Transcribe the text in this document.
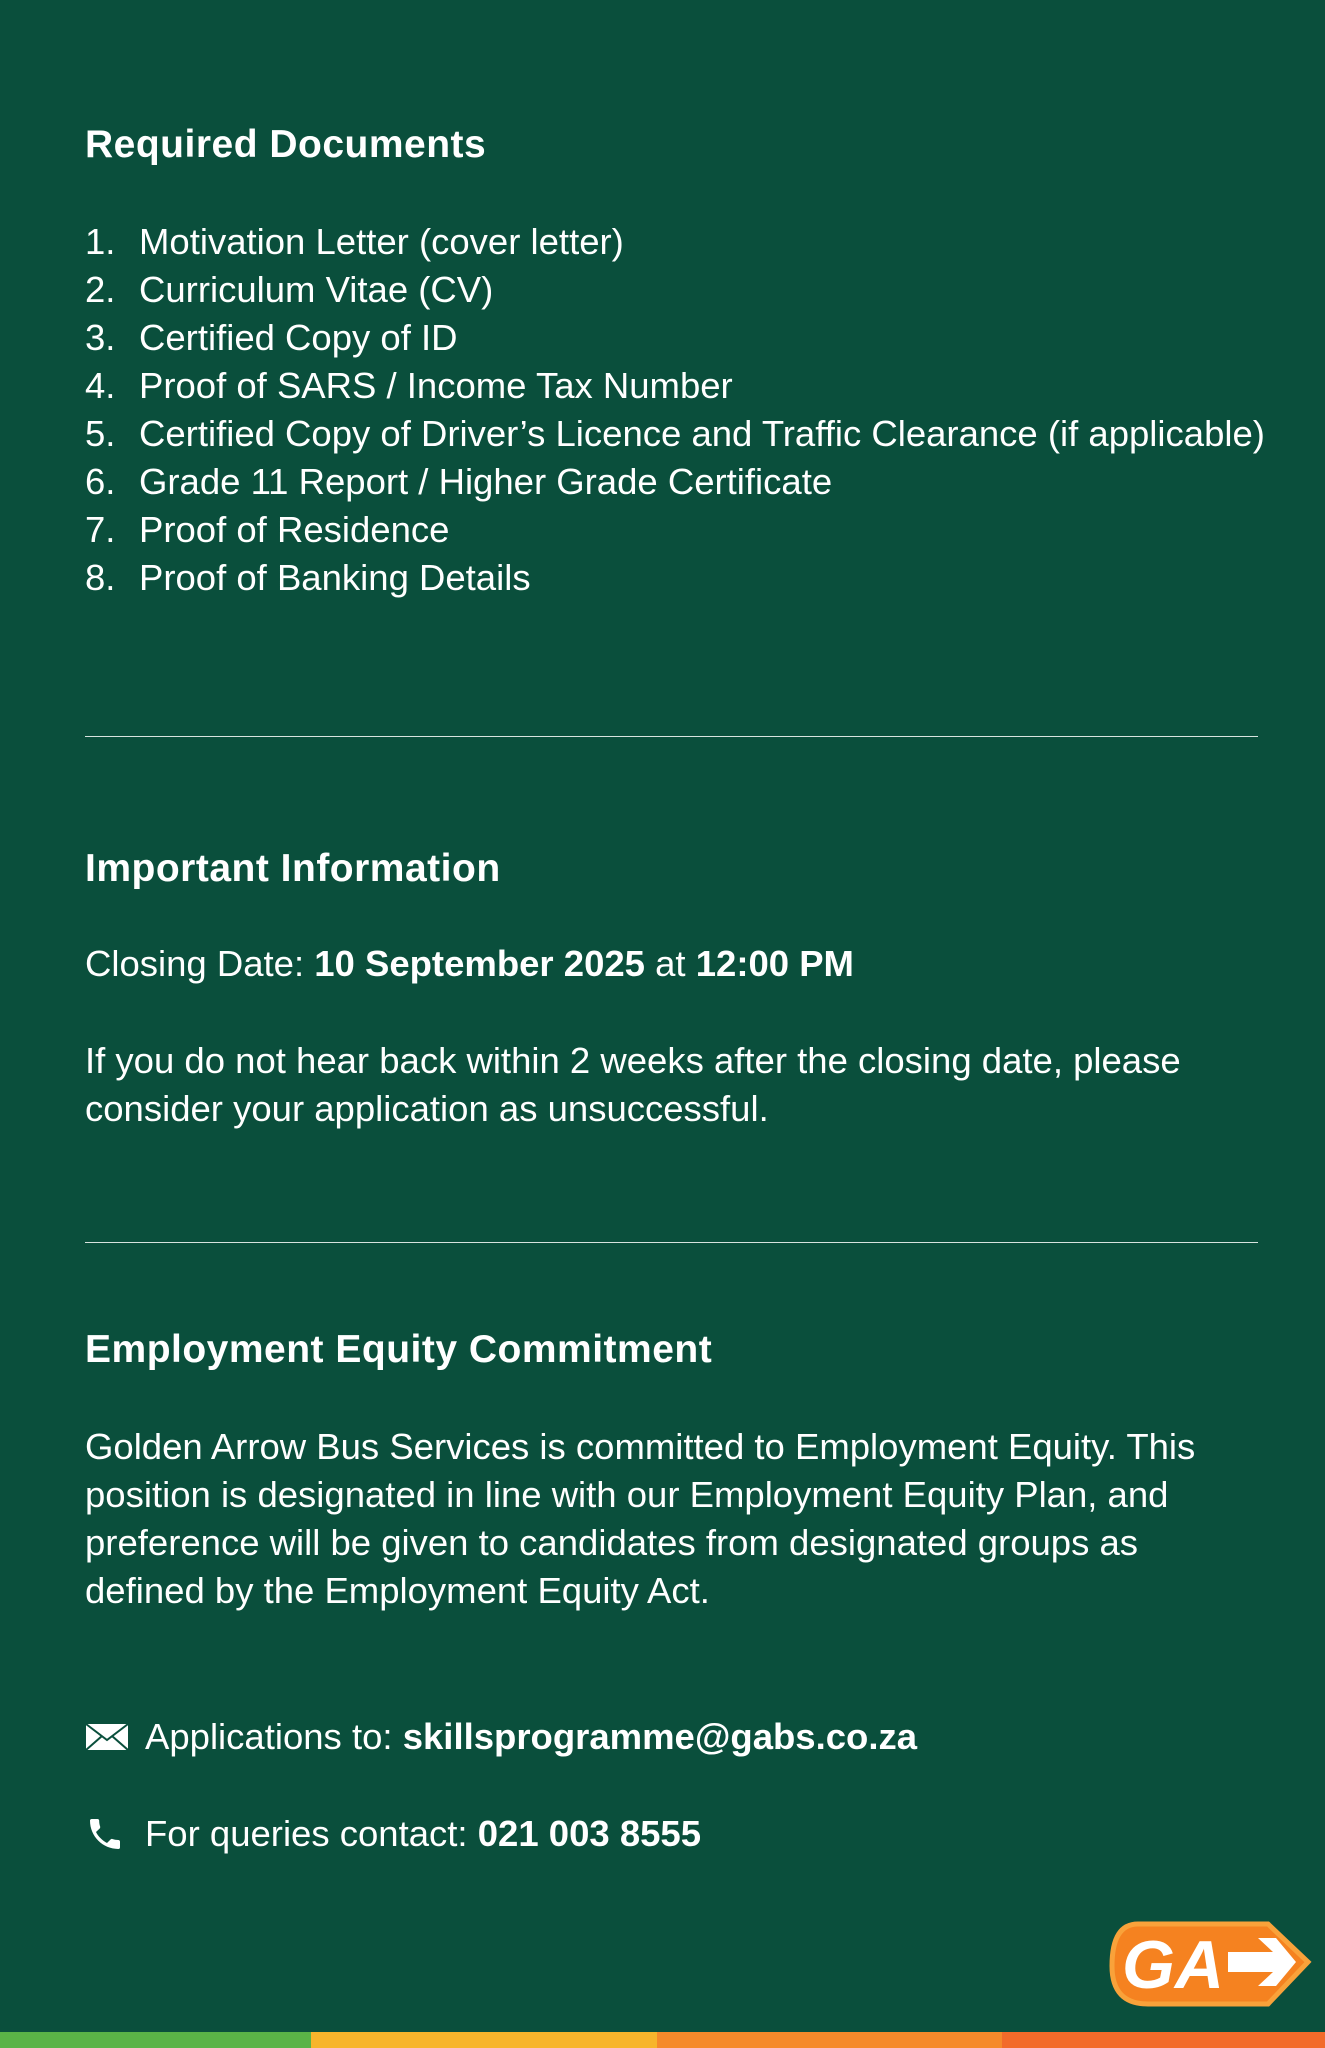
Required Documents
1. Motivation Letter (cover letter)
2. Curriculum Vitae (CV)
3. Certified Copy of ID
4. Proof of SARS / Income Tax Number
5. Certified Copy of Driver’s Licence and Traffic Clearance (if applicable)
6. Grade 11 Report / Higher Grade Certificate
7. Proof of Residence
8. Proof of Banking Details
Important Information
Closing Date: 10 September 2025 at 12:00 PM
If you do not hear back within 2 weeks after the closing date, please consider your application as unsuccessful.
Employment Equity Commitment
Golden Arrow Bus Services is committed to Employment Equity. This position is designated in line with our Employment Equity Plan, and preference will be given to candidates from designated groups as defined by the Employment Equity Act.
Applications to:
skillsprogramme@gabs.co.za
For queries contact:
021 003 8555
GA
